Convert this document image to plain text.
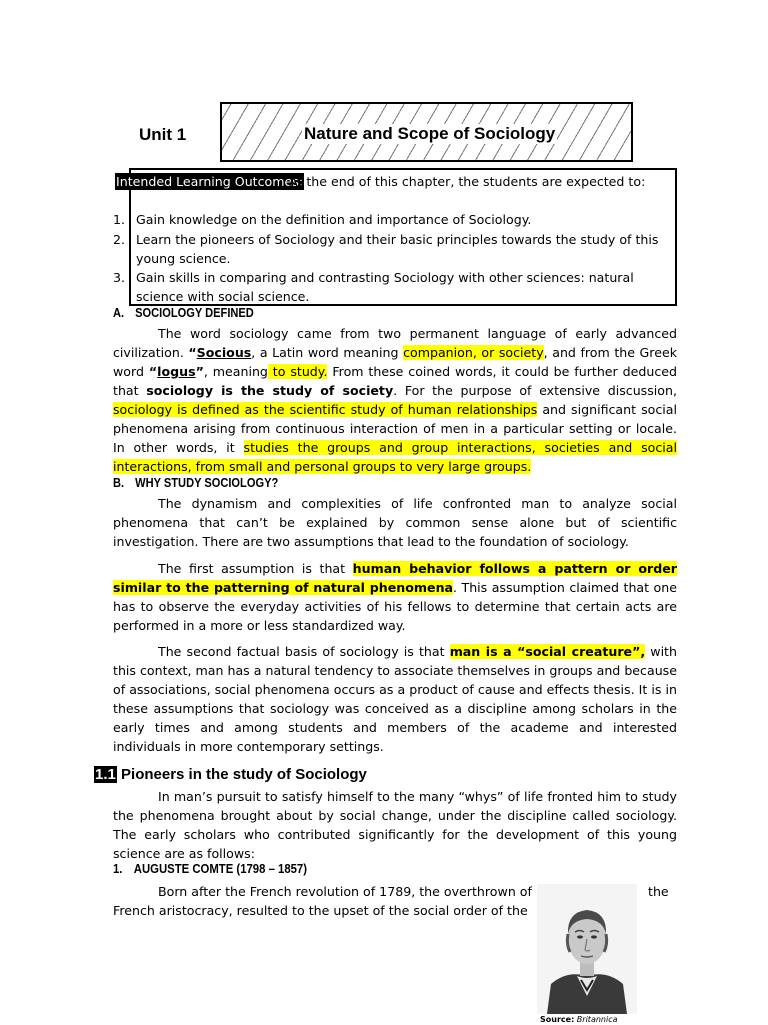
Unit 1	Nature and Scope of Sociology
Intended Learning Outcomes:
At the end of this chapter, the students are expected to:
1. Gain knowledge on the definition and importance of Sociology.
2. Learn the pioneers of Sociology and their basic principles towards the study of this young science.
3. Gain skills in comparing and contrasting Sociology with other sciences: natural science with social science.
A. SOCIOLOGY DEFINED

The word sociology came from two permanent language of early advanced civilization. “Socious, a Latin word meaning companion, or society, and from the Greek word “logus”, meaning to study. From these coined words, it could be further deduced that sociology is the study of society. For the purpose of extensive discussion, sociology is defined as the scientific study of human relationships and significant social phenomena arising from continuous interaction of men in a particular setting or locale. In other words, it studies the groups and group interactions, societies and social interactions, from small and personal groups to very large groups.

B. WHY STUDY SOCIOLOGY?

The dynamism and complexities of life confronted man to analyze social phenomena that can’t be explained by common sense alone but of scientific investigation. There are two assumptions that lead to the foundation of sociology.

The first assumption is that human behavior follows a pattern or order similar to the patterning of natural phenomena. This assumption claimed that one has to observe the everyday activities of his fellows to determine that certain acts are performed in a more or less standardized way.

The second factual basis of sociology is that man is a “social creature”, with this context, man has a natural tendency to associate themselves in groups and because of associations, social phenomena occurs as a product of cause and effects thesis. It is in these assumptions that sociology was conceived as a discipline among scholars in the early times and among students and members of the academe and interested individuals in more contemporary settings.

1.1 Pioneers in the study of Sociology

In man’s pursuit to satisfy himself to the many “whys” of life fronted him to study the phenomena brought about by social change, under the discipline called sociology. The early scholars who contributed significantly for the development of this young science are as follows:

1. AUGUSTE COMTE (1798 – 1857)
Born after the French revolution of 1789, the overthrown of	the
French aristocracy, resulted to the upset of the social order of the
Source: Britannica
